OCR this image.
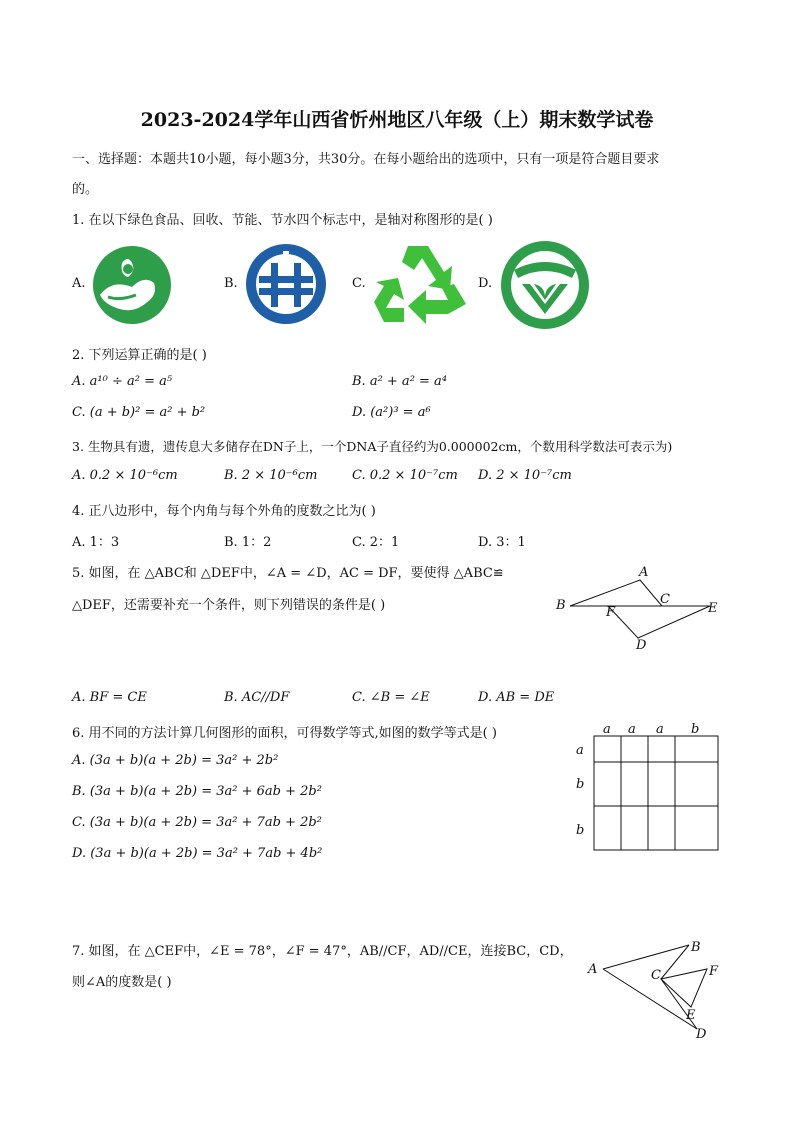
2023-2024学年山西省忻州地区八年级（上）期末数学试卷
一、选择题：本题共10小题，每小题3分，共30分。在每小题给出的选项中，只有一项是符合题目要求
的。
1. 在以下绿色食品、回收、节能、节水四个标志中，是轴对称图形的是( )
A.	B.	C.	D.
2. 下列运算正确的是( )
A. a¹⁰ ÷ a² = a⁵	B. a² + a² = a⁴
C. (a + b)² = a² + b²	D. (a²)³ = a⁶
3. 生物具有遗，遗传息大多储存在DN子上，一个DNA子直径约为0.000002cm，个数用科学数法可表示为)
A. 0.2 × 10⁻⁶cm	B. 2 × 10⁻⁶cm	C. 0.2 × 10⁻⁷cm D. 2 × 10⁻⁷cm
4. 正八边形中，每个内角与每个外角的度数之比为( )
A. 1：3	B. 1：2	C. 2：1	D. 3：1
5. 如图，在 △ABC和 △DEF中，∠A = ∠D，AC = DF，要使得 △ABC≌
△DEF，还需要补充一个条件，则下列错误的条件是( )
A
B	C
D
E
F
A. BF = CE	B. AC//DF	C. ∠B = ∠E	D. AB = DE
6. 用不同的方法计算几何图形的面积，可得数学等式,如图的数学等式是( )
A. (3a + b)(a + 2b) = 3a² + 2b²
B. (3a + b)(a + 2b) = 3a² + 6ab + 2b²
C. (3a + b)(a + 2b) = 3a² + 7ab + 2b²
D. (3a + b)(a + 2b) = 3a² + 7ab + 4b²
a a a b
a
b
b
7. 如图，在 △CEF中，∠E = 78°，∠F = 47°，AB//CF，AD//CE，连接BC，CD，
则∠A的度数是( )
A
B
C
D
E
F
